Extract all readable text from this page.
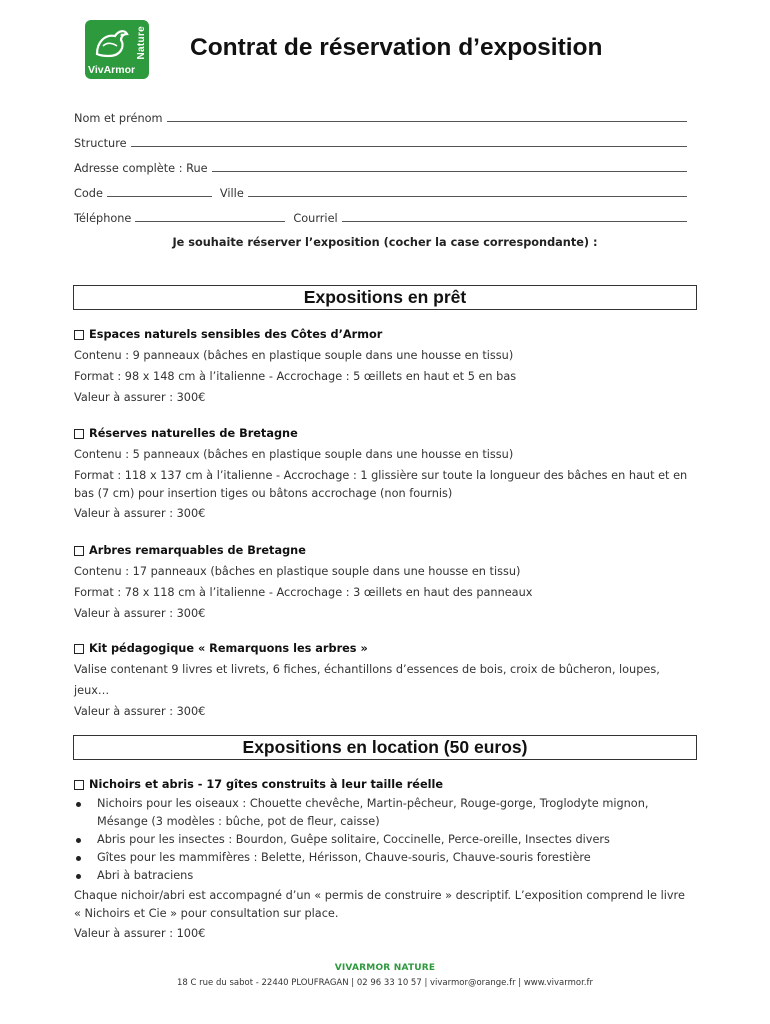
Nature
VivArmor
Contrat de réservation d’exposition
Nom et prénom
Structure
Adresse complète : Rue
Code	Ville
Téléphone	Courriel
Je souhaite réserver l’exposition (cocher la case correspondante) :
Expositions en prêt
Espaces naturels sensibles des Côtes d’Armor
Contenu : 9 panneaux (bâches en plastique souple dans une housse en tissu)
Format : 98 x 148 cm à l’italienne - Accrochage : 5 œillets en haut et 5 en bas
Valeur à assurer : 300€
Réserves naturelles de Bretagne
Contenu : 5 panneaux (bâches en plastique souple dans une housse en tissu)
Format : 118 x 137 cm à l’italienne - Accrochage : 1 glissière sur toute la longueur des bâches en haut et en bas (7 cm) pour insertion tiges ou bâtons accrochage (non fournis)
Valeur à assurer : 300€
Arbres remarquables de Bretagne
Contenu : 17 panneaux (bâches en plastique souple dans une housse en tissu)
Format : 78 x 118 cm à l’italienne - Accrochage : 3 œillets en haut des panneaux
Valeur à assurer : 300€
Kit pédagogique « Remarquons les arbres »
Valise contenant 9 livres et livrets, 6 fiches, échantillons d’essences de bois, croix de bûcheron, loupes, jeux…
Valeur à assurer : 300€
Expositions en location (50 euros)
Nichoirs et abris - 17 gîtes construits à leur taille réelle
Nichoirs pour les oiseaux : Chouette chevêche, Martin-pêcheur, Rouge-gorge, Troglodyte mignon, Mésange (3 modèles : bûche, pot de fleur, caisse)
Abris pour les insectes : Bourdon, Guêpe solitaire, Coccinelle, Perce-oreille, Insectes divers
Gîtes pour les mammifères : Belette, Hérisson, Chauve-souris, Chauve-souris forestière
Abri à batraciens
Chaque nichoir/abri est accompagné d’un « permis de construire » descriptif. L’exposition comprend le livre « Nichoirs et Cie » pour consultation sur place.
Valeur à assurer : 100€
VIVARMOR NATURE
18 C rue du sabot - 22440 PLOUFRAGAN | 02 96 33 10 57 | vivarmor@orange.fr | www.vivarmor.fr
